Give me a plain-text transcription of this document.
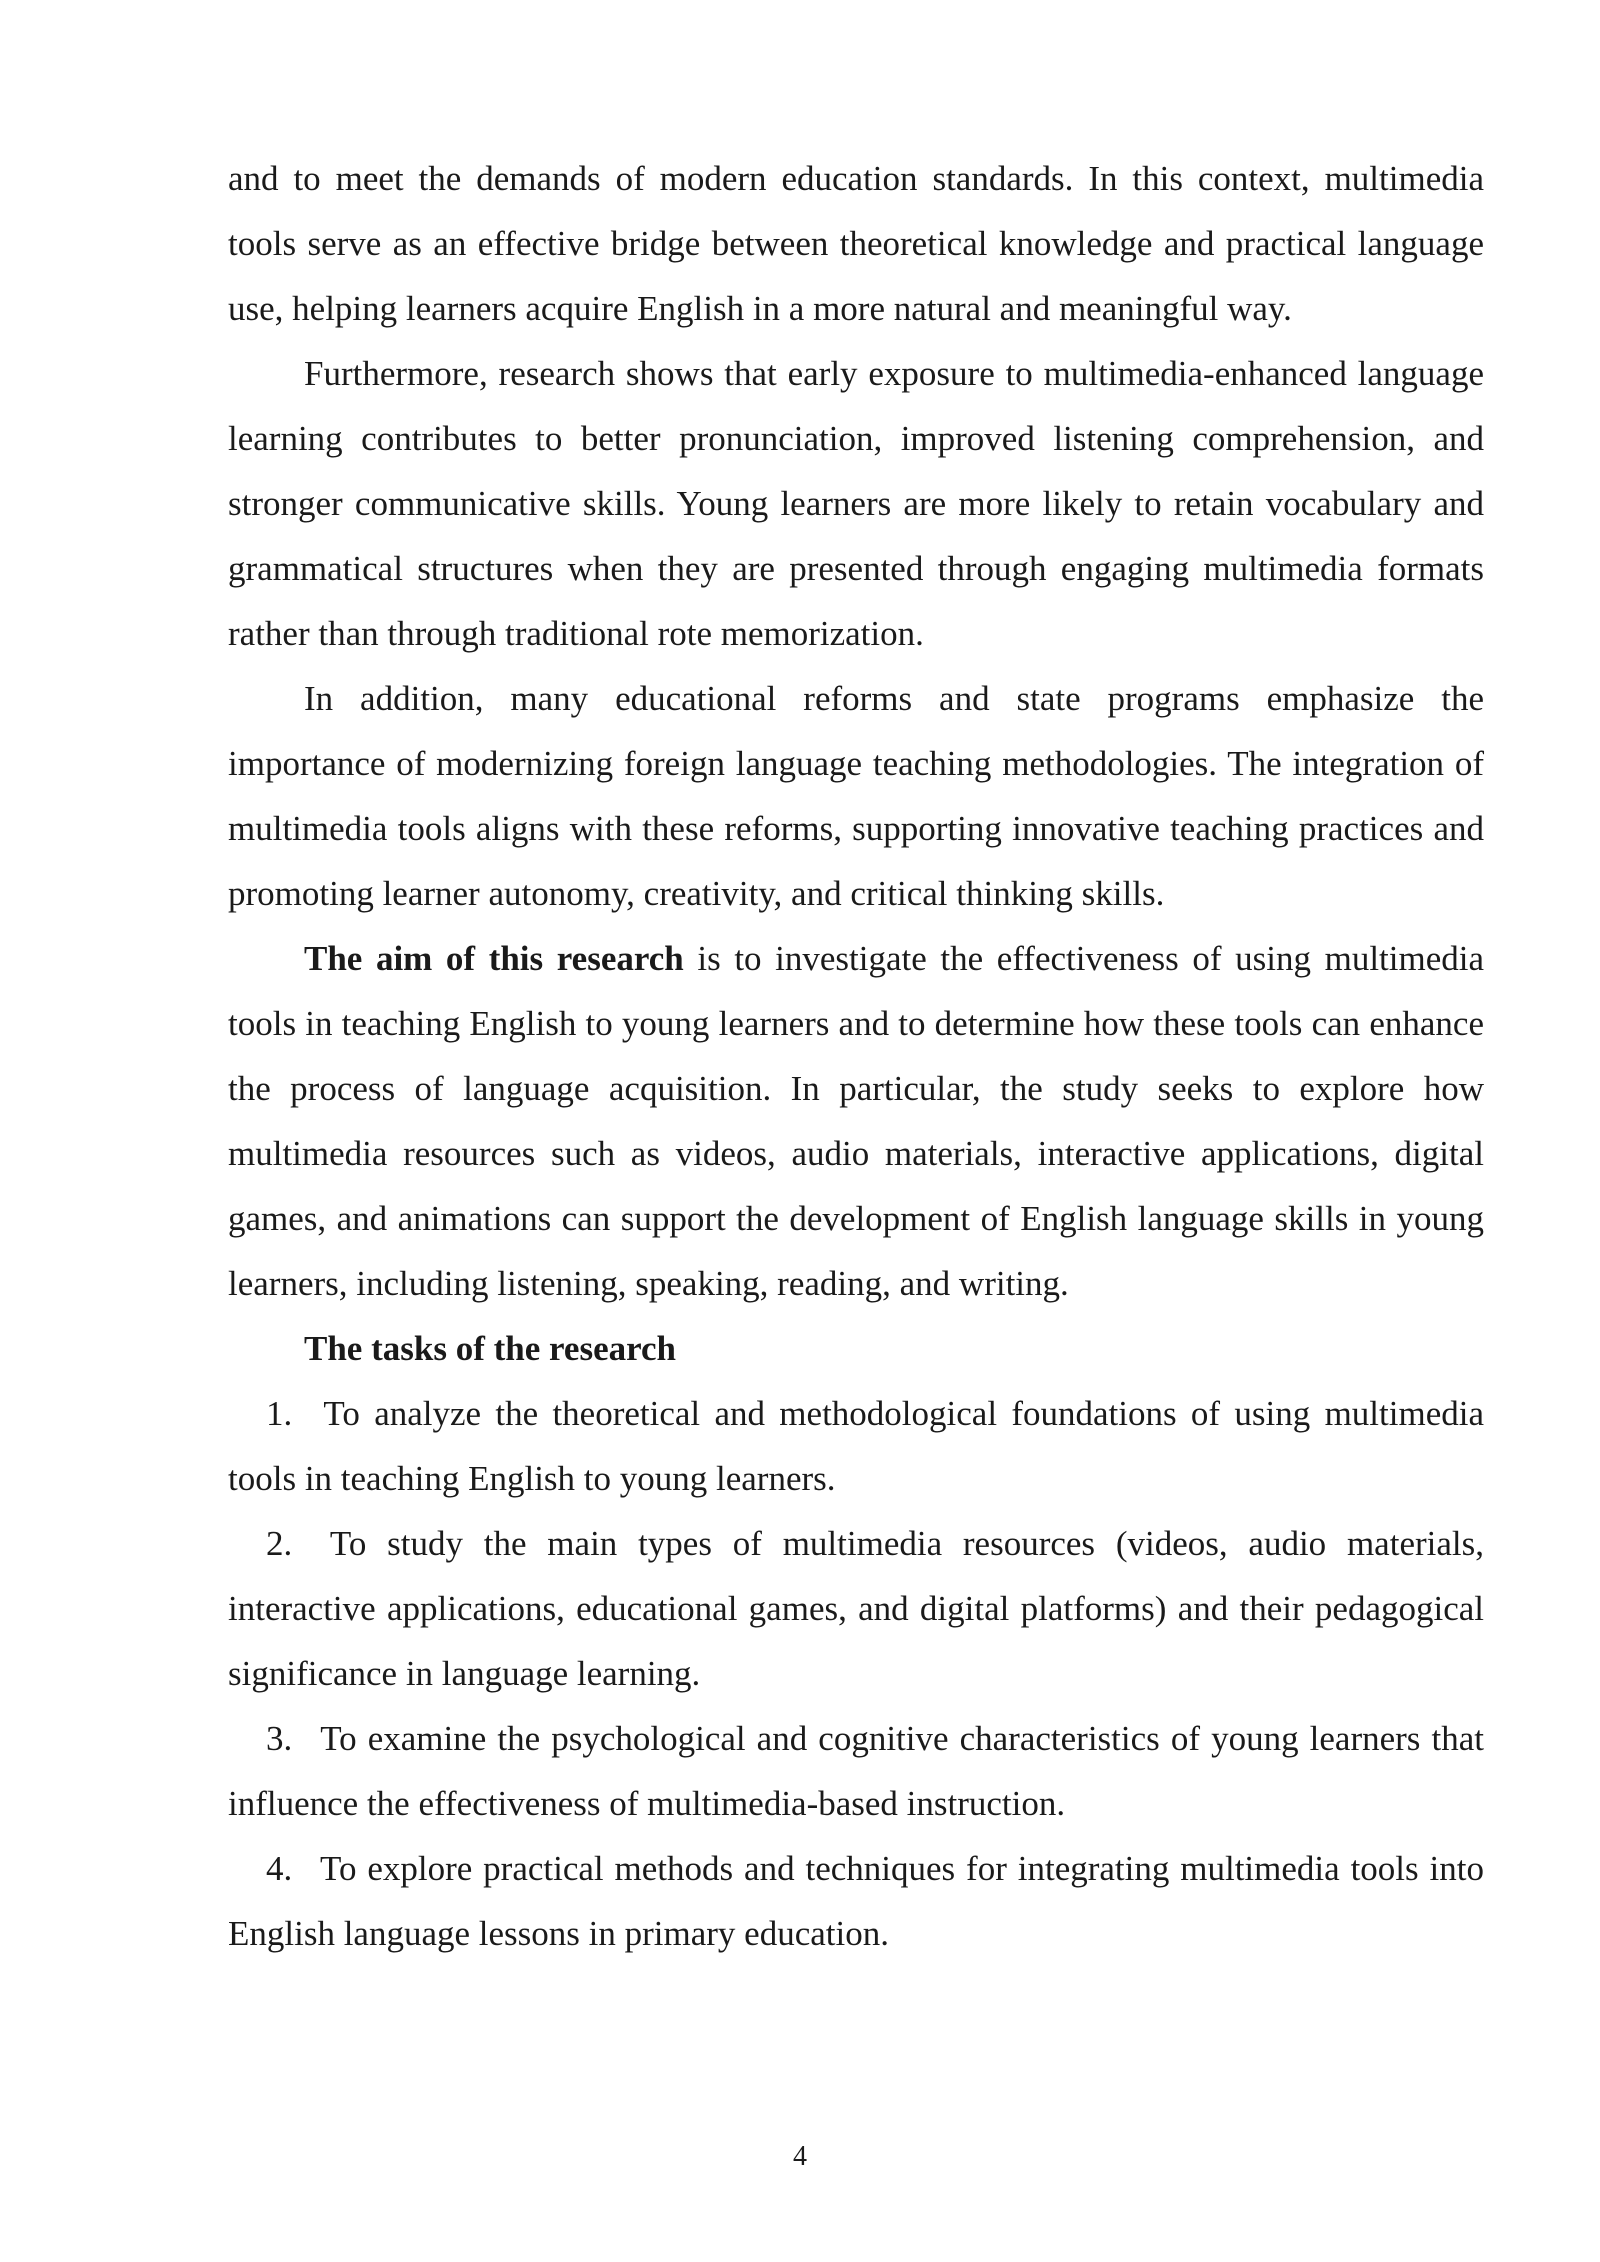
and to meet the demands of modern education standards. In this context, multimedia tools serve as an effective bridge between theoretical knowledge and practical language use, helping learners acquire English in a more natural and meaningful way.

Furthermore, research shows that early exposure to multimedia-enhanced language learning contributes to better pronunciation, improved listening comprehension, and stronger communicative skills. Young learners are more likely to retain vocabulary and grammatical structures when they are presented through engaging multimedia formats rather than through traditional rote memorization.

In addition, many educational reforms and state programs emphasize the importance of modernizing foreign language teaching methodologies. The integration of multimedia tools aligns with these reforms, supporting innovative teaching practices and promoting learner autonomy, creativity, and critical thinking skills.

The aim of this research is to investigate the effectiveness of using multimedia tools in teaching English to young learners and to determine how these tools can enhance the process of language acquisition. In particular, the study seeks to explore how multimedia resources such as videos, audio materials, interactive applications, digital games, and animations can support the development of English language skills in young learners, including listening, speaking, reading, and writing.

The tasks of the research

1.  To analyze the theoretical and methodological foundations of using multimedia tools in teaching English to young learners.

2.  To study the main types of multimedia resources (videos, audio materials, interactive applications, educational games, and digital platforms) and their pedagogical significance in language learning.

3.  To examine the psychological and cognitive characteristics of young learners that influence the effectiveness of multimedia-based instruction.

4.  To explore practical methods and techniques for integrating multimedia tools into English language lessons in primary education.

4
